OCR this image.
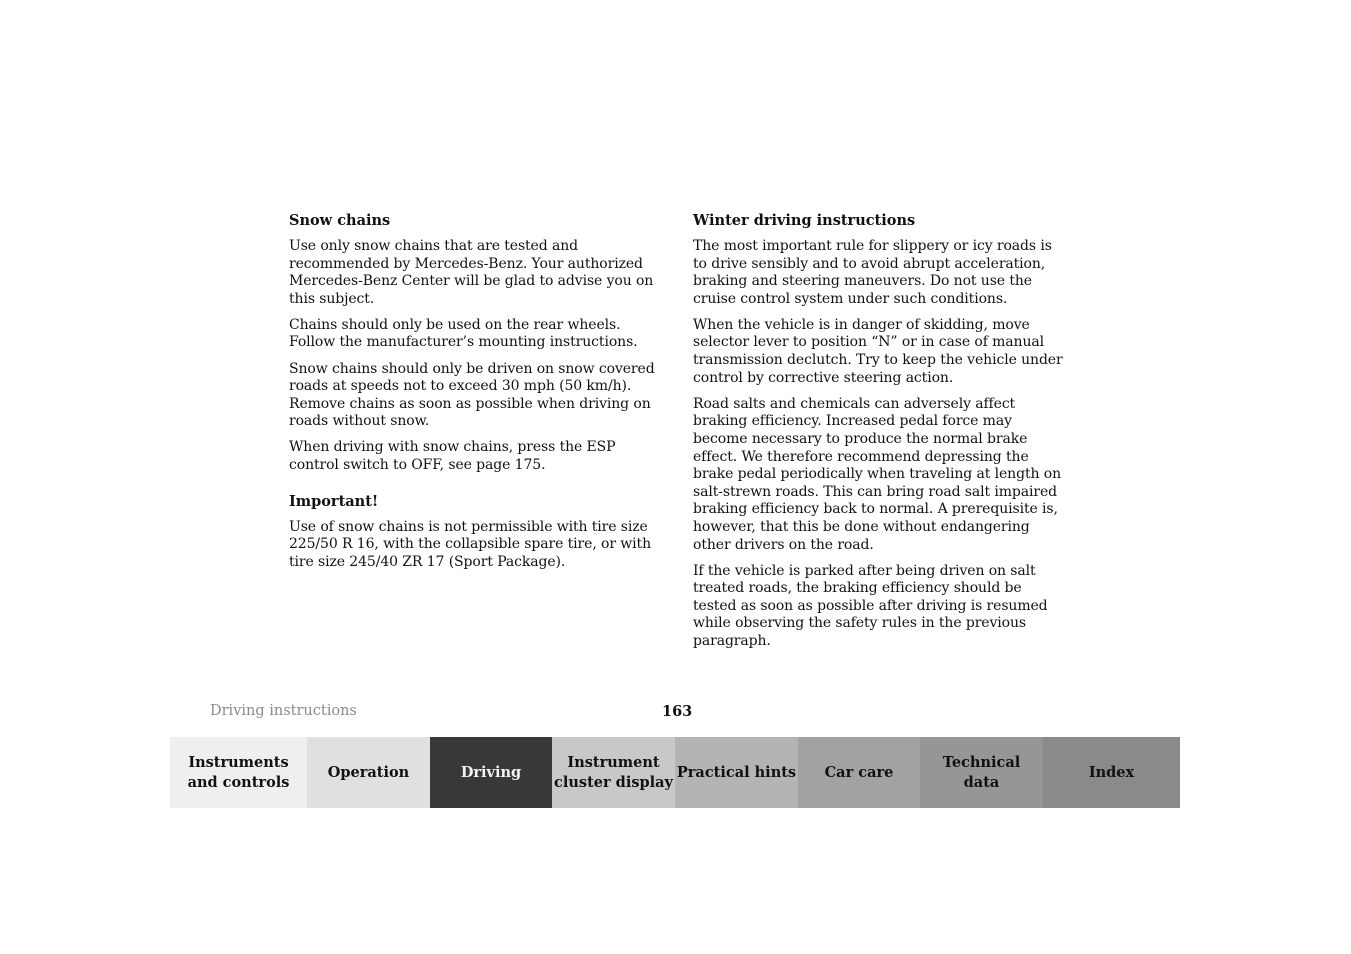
Snow chains

Use only snow chains that are tested and recommended by Mercedes-Benz. Your authorized Mercedes-Benz Center will be glad to advise you on this subject.

Chains should only be used on the rear wheels. Follow the manufacturer’s mounting instructions.

Snow chains should only be driven on snow covered roads at speeds not to exceed 30 mph (50 km/h). Remove chains as soon as possible when driving on roads without snow.

When driving with snow chains, press the ESP control switch to OFF, see page 175.

Important!

Use of snow chains is not permissible with tire size 225/50 R 16, with the collapsible spare tire, or with tire size 245/40 ZR 17 (Sport Package).

Winter driving instructions

The most important rule for slippery or icy roads is to drive sensibly and to avoid abrupt acceleration, braking and steering maneuvers. Do not use the cruise control system under such conditions.

When the vehicle is in danger of skidding, move selector lever to position “N” or in case of manual transmission declutch. Try to keep the vehicle under control by corrective steering action.

Road salts and chemicals can adversely affect braking efficiency. Increased pedal force may become necessary to produce the normal brake effect. We therefore recommend depressing the brake pedal periodically when traveling at length on salt-strewn roads. This can bring road salt impaired braking efficiency back to normal. A prerequisite is, however, that this be done without endangering other drivers on the road.

If the vehicle is parked after being driven on salt treated roads, the braking efficiency should be tested as soon as possible after driving is resumed while observing the safety rules in the previous paragraph.

Driving instructions	163
Instruments
and controls
Operation	Driving
Instrument
cluster display
Practical hints	Car care
Technical
data
Index
